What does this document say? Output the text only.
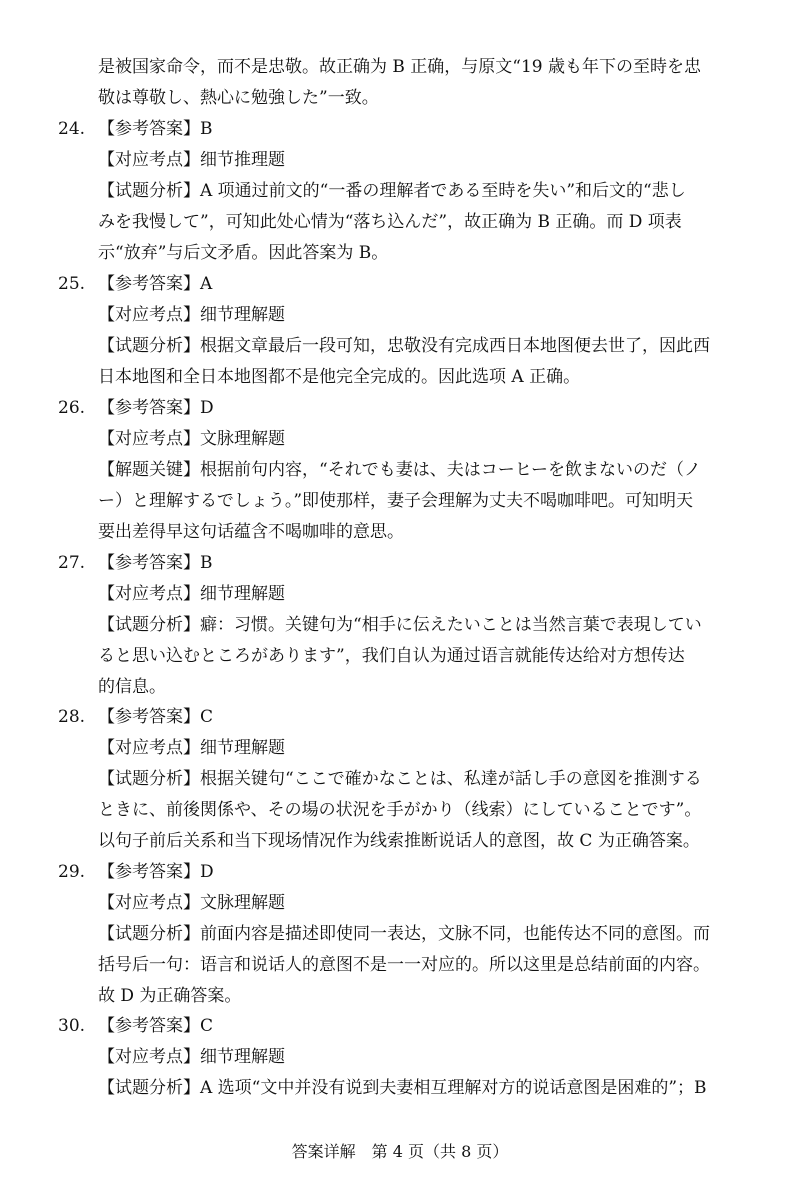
是被国家命令，而不是忠敬。故正确为 B 正确，与原文“19 歳も年下の至時を忠
敬は尊敬し、熱心に勉強した”一致。
24. 【参考答案】B
【对应考点】细节推理题
【试题分析】A 项通过前文的“一番の理解者である至時を失い”和后文的“悲し
みを我慢して”，可知此处心情为“落ち込んだ”，故正确为 B 正确。而 D 项表
示“放弃”与后文矛盾。因此答案为 B。
25. 【参考答案】A
【对应考点】细节理解题
【试题分析】根据文章最后一段可知，忠敬没有完成西日本地图便去世了，因此西
日本地图和全日本地图都不是他完全完成的。因此选项 A 正确。
26. 【参考答案】D
【对应考点】文脉理解题
【解题关键】根据前句内容，“それでも妻は、夫はコーヒーを飲まないのだ（ノ
ー）と理解するでしょう。”即使那样，妻子会理解为丈夫不喝咖啡吧。可知明天
要出差得早这句话蕴含不喝咖啡的意思。
27. 【参考答案】B
【对应考点】细节理解题
【试题分析】癖：习惯。关键句为“相手に伝えたいことは当然言葉で表現してい
ると思い込むところがあります”，我们自认为通过语言就能传达给对方想传达
的信息。
28. 【参考答案】C
【对应考点】细节理解题
【试题分析】根据关键句“ここで確かなことは、私達が話し手の意図を推測する
ときに、前後関係や、その場の状況を手がかり（线索）にしていることです”。
以句子前后关系和当下现场情况作为线索推断说话人的意图，故 C 为正确答案。
29. 【参考答案】D
【对应考点】文脉理解题
【试题分析】前面内容是描述即使同一表达，文脉不同，也能传达不同的意图。而
括号后一句：语言和说话人的意图不是一一对应的。所以这里是总结前面的内容。
故 D 为正确答案。
30. 【参考答案】C
【对应考点】细节理解题
【试题分析】A 选项“文中并没有说到夫妻相互理解对方的说话意图是困难的”；B
答案详解　第 4 页（共 8 页）
